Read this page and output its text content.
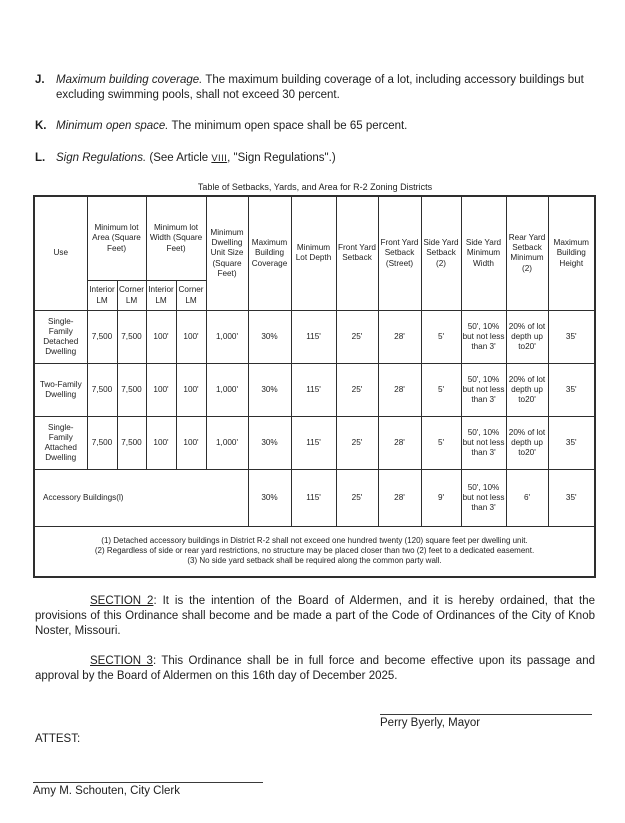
J. Maximum building coverage. The maximum building coverage of a lot, including accessory buildings but excluding swimming pools, shall not exceed 30 percent.
K. Minimum open space. The minimum open space shall be 65 percent.
L. Sign Regulations. (See Article VIII, "Sign Regulations".)
Table of Setbacks, Yards, and Area for R-2 Zoning Districts
Use	Minimum lot Area (Square Feet)		Minimum lot Width (Square Feet)		Minimum Dwelling Unit Size (Square Feet)	Maximum Building Coverage	Minimum Lot Depth	Front Yard Setback	Front Yard Setback (Street)	Side Yard Setback (2)	Side Yard Minimum Width	Rear Yard Setback Minimum (2)	Maximum Building Height
	Interior LM	Corner LM	Interior LM	Corner LM									
Single-Family Detached Dwelling	7,500	7,500	100'	100'	1,000'	30%	115'	25'	28'	5'	50', 10% but not less than 3'	20% of lot depth up to20'	35'
Two-Family Dwelling	7,500	7,500	100'	100'	1,000'	30%	115'	25'	28'	5'	50', 10% but not less than 3'	20% of lot depth up to20'	35'
Single-Family Attached Dwelling	7,500	7,500	100'	100'	1,000'	30%	115'	25'	28'	5'	50', 10% but not less than 3'	20% of lot depth up to20'	35'
Accessory Buildings(l)						30%	115'	25'	28'	9'	50', 10% but not less than 3'	6'	35'

(1) Detached accessory buildings in District R-2 shall not exceed one hundred twenty (120) square feet per dwelling unit.
(2) Regardless of side or rear yard restrictions, no structure may be placed closer than two (2) feet to a dedicated easement.
(3) No side yard setback shall be required along the common party wall.													

SECTION 2: It is the intention of the Board of Aldermen, and it is hereby ordained, that the provisions of this Ordinance shall become and be made a part of the Code of Ordinances of the City of Knob Noster, Missouri.

SECTION 3: This Ordinance shall be in full force and become effective upon its passage and approval by the Board of Aldermen on this 16th day of December 2025.

Perry Byerly, Mayor
ATTEST:
Amy M. Schouten, City Clerk
